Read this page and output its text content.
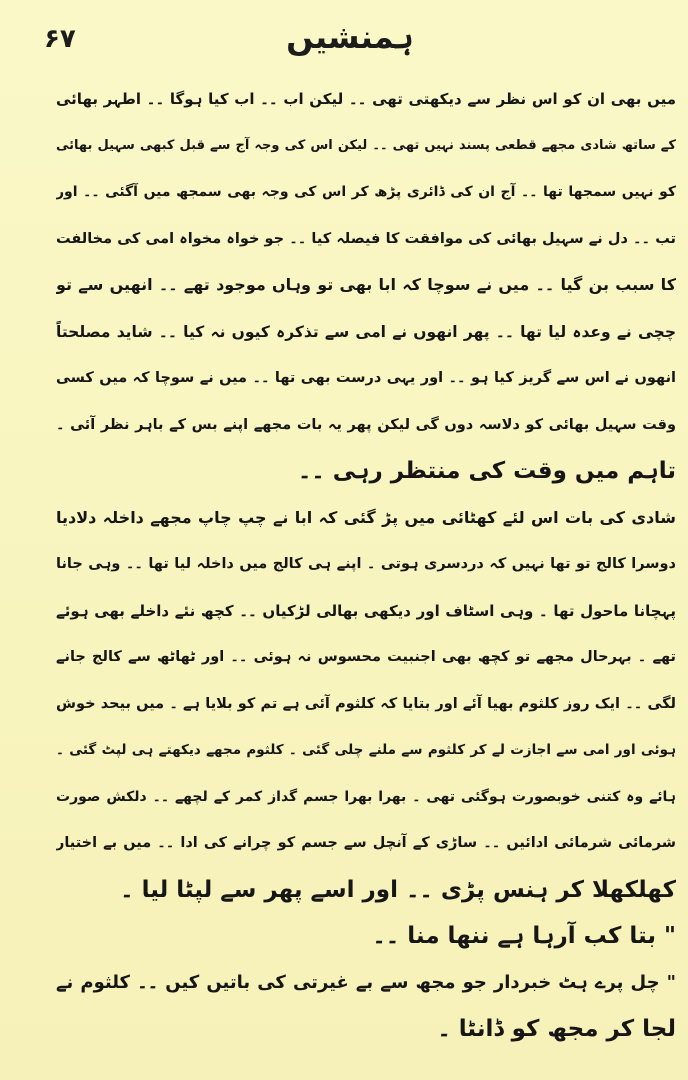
۶۷	ہمنشیں
میں بھی ان کو اس نظر سے دیکھتی تھی ۔۔ لیکن اب ۔۔ اب کیا ہوگا ۔۔ اطہر بھائی
کے ساتھ شادی مجھے قطعی پسند نہیں تھی ۔۔ لیکن اس کی وجہ آج سے قبل کبھی سہیل بھائی
کو نہیں سمجھا تھا ۔۔ آج ان کی ڈائری پڑھ کر اس کی وجہ بھی سمجھ میں آگئی ۔۔ اور
تب ۔۔ دل نے سہیل بھائی کی موافقت کا فیصلہ کیا ۔۔ جو خواہ مخواہ امی کی مخالفت
کا سبب بن گیا ۔۔ میں نے سوچا کہ ابا بھی تو وہاں موجود تھے ۔۔ انھیں سے تو
چچی نے وعدہ لیا تھا ۔۔ پھر انھوں نے امی سے تذکرہ کیوں نہ کیا ۔۔ شاید مصلحتاً
انھوں نے اس سے گریز کیا ہو ۔۔ اور یہی درست بھی تھا ۔۔ میں نے سوچا کہ میں کسی
وقت سہیل بھائی کو دلاسہ دوں گی لیکن پھر یہ بات مجھے اپنے بس کے باہر نظر آئی ۔
تاہم میں وقت کی منتظر رہی ۔۔
شادی کی بات اس لئے کھٹائی میں پڑ گئی کہ ابا نے چپ چاپ مجھے داخلہ دلادیا
دوسرا کالج تو تھا نہیں کہ دردسری ہوتی ۔ اپنے ہی کالج میں داخلہ لیا تھا ۔۔ وہی جانا
پہچانا ماحول تھا ۔ وہی اسٹاف اور دیکھی بھالی لڑکیاں ۔۔ کچھ نئے داخلے بھی ہوئے
تھے ۔ بہرحال مجھے تو کچھ بھی اجنبیت محسوس نہ ہوئی ۔۔ اور ٹھاٹھ سے کالج جانے
لگی ۔۔ ایک روز کلثوم بھیا آئے اور بتایا کہ کلثوم آئی ہے تم کو بلایا ہے ۔ میں بیحد خوش
ہوئی اور امی سے اجازت لے کر کلثوم سے ملنے چلی گئی ۔ کلثوم مجھے دیکھتے ہی لپٹ گئی ۔
ہائے وہ کتنی خوبصورت ہوگئی تھی ۔ بھرا بھرا جسم گداز کمر کے لچھے ۔۔ دلکش صورت
شرمائی شرمائی ادائیں ۔۔ ساڑی کے آنچل سے جسم کو چرانے کی ادا ۔۔ میں بے اختیار
کھلکھلا کر ہنس پڑی ۔۔ اور اسے پھر سے لپٹا لیا ۔
" بتا کب آرہا ہے ننھا منا ۔۔
" چل پرے ہٹ خبردار جو مجھ سے بے غیرتی کی باتیں کیں ۔۔ کلثوم نے
لجا کر مجھ کو ڈانٹا ۔
